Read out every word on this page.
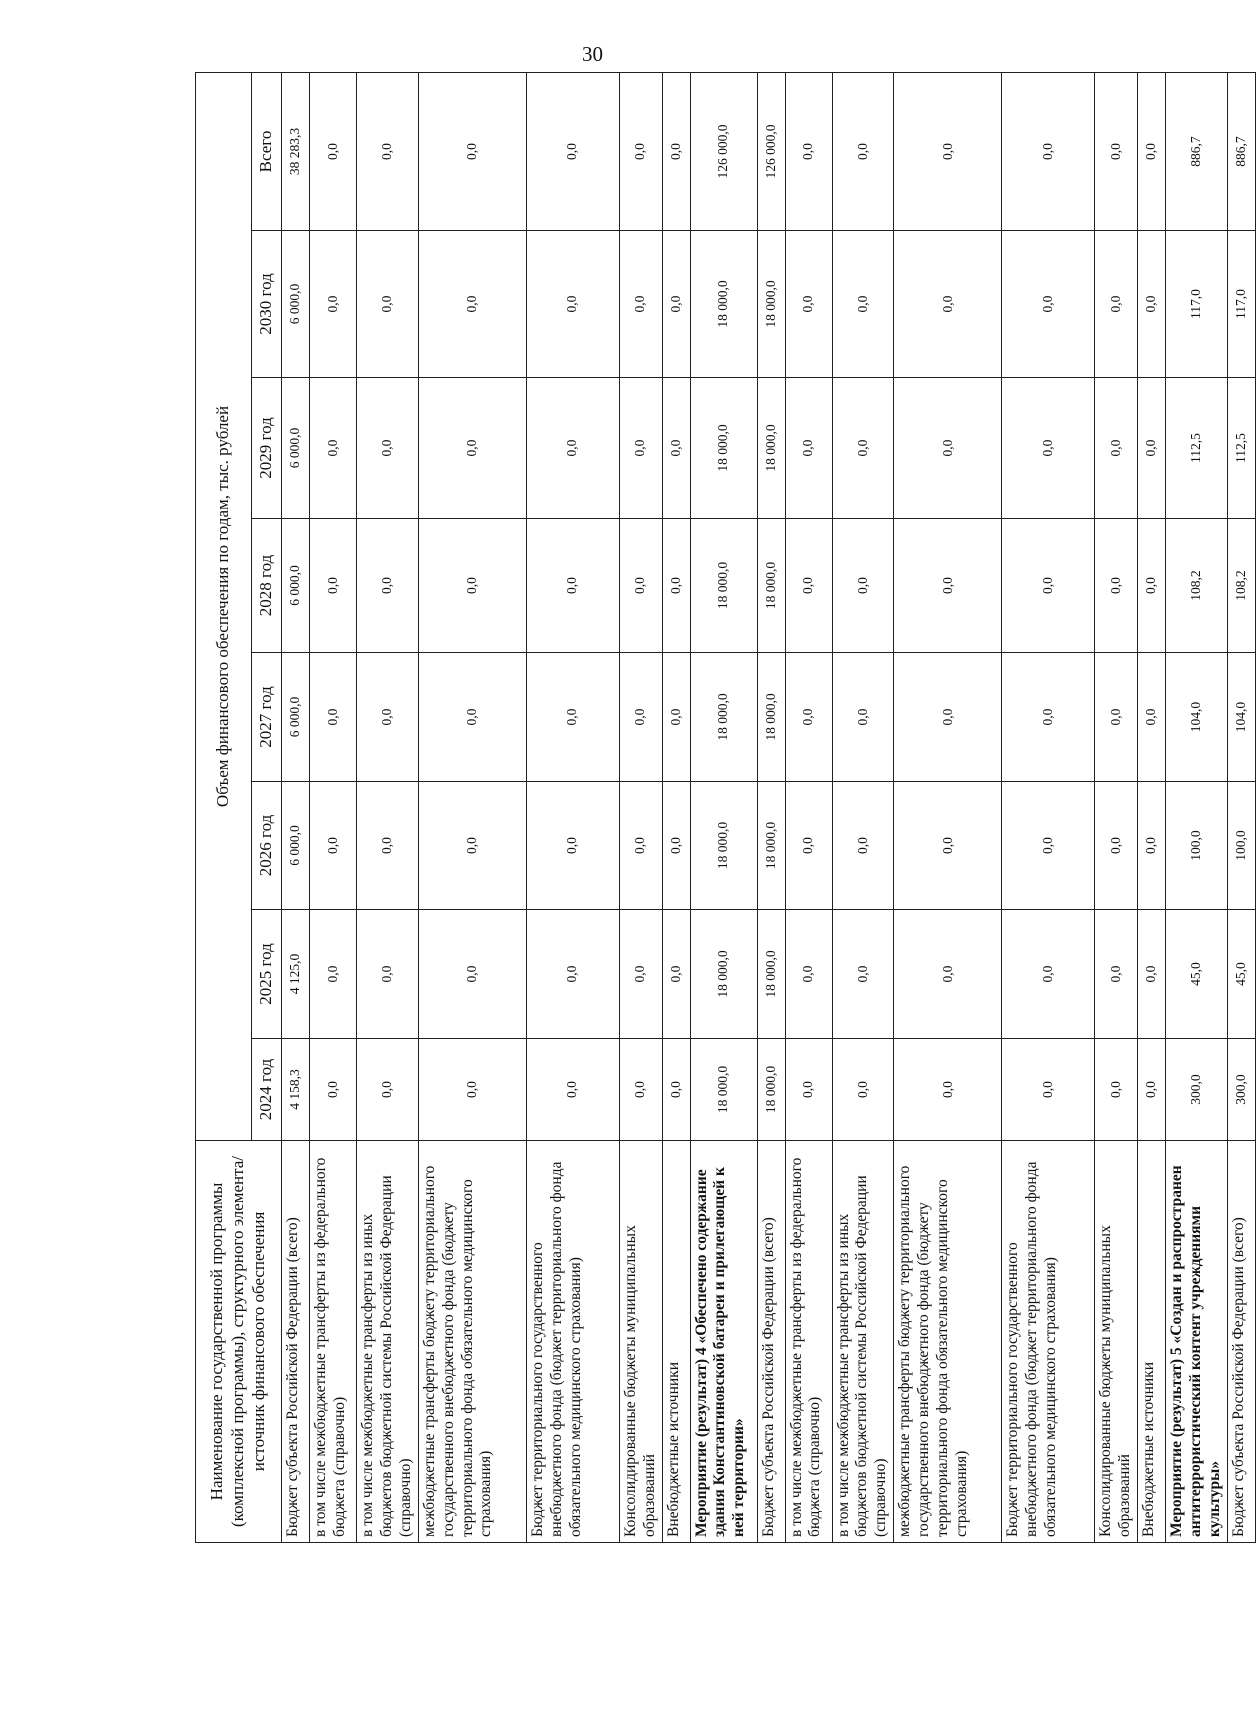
30
Наименование государственной программы (комплексной программы), структурного элемента/источник финансового обеспечения	Объем финансового обеспечения по годам, тыс. рублей							
	2024 год	2025 год	2026 год	2027 год	2028 год	2029 год	2030 год	Всего
Бюджет субъекта Российской Федерации (всего)	4 158,3	4 125,0	6 000,0	6 000,0	6 000,0	6 000,0	6 000,0	38 283,3
в том числе межбюджетные трансферты из федерального бюджета (справочно)	0,0	0,0	0,0	0,0	0,0	0,0	0,0	0,0
в том числе межбюджетные трансферты из иных бюджетов бюджетной системы Российской Федерации (справочно)	0,0	0,0	0,0	0,0	0,0	0,0	0,0	0,0
межбюджетные трансферты бюджету территориального государственного внебюджетного фонда (бюджету территориального фонда обязательного медицинского страхования)	0,0	0,0	0,0	0,0	0,0	0,0	0,0	0,0
Бюджет территориального государственного внебюджетного фонда (бюджет территориального фонда обязательного медицинского страхования)	0,0	0,0	0,0	0,0	0,0	0,0	0,0	0,0
Консолидированные бюджеты муниципальных образований	0,0	0,0	0,0	0,0	0,0	0,0	0,0	0,0
Внебюджетные источники	0,0	0,0	0,0	0,0	0,0	0,0	0,0	0,0
Мероприятие (результат) 4 «Обеспечено содержание здания Константиновской батареи и прилегающей к ней территории»	18 000,0	18 000,0	18 000,0	18 000,0	18 000,0	18 000,0	18 000,0	126 000,0
Бюджет субъекта Российской Федерации (всего)	18 000,0	18 000,0	18 000,0	18 000,0	18 000,0	18 000,0	18 000,0	126 000,0
в том числе межбюджетные трансферты из федерального бюджета (справочно)	0,0	0,0	0,0	0,0	0,0	0,0	0,0	0,0
в том числе межбюджетные трансферты из иных бюджетов бюджетной системы Российской Федерации (справочно)	0,0	0,0	0,0	0,0	0,0	0,0	0,0	0,0
межбюджетные трансферты бюджету территориального государственного внебюджетного фонда (бюджету территориального фонда обязательного медицинского страхования)	0,0	0,0	0,0	0,0	0,0	0,0	0,0	0,0
Бюджет территориального государственного внебюджетного фонда (бюджет территориального фонда обязательного медицинского страхования)	0,0	0,0	0,0	0,0	0,0	0,0	0,0	0,0
Консолидированные бюджеты муниципальных образований	0,0	0,0	0,0	0,0	0,0	0,0	0,0	0,0
Внебюджетные источники	0,0	0,0	0,0	0,0	0,0	0,0	0,0	0,0
Мероприятие (результат) 5 «Создан и распространен антитеррористический контент учреждениями культуры»	300,0	45,0	100,0	104,0	108,2	112,5	117,0	886,7
Бюджет субъекта Российской Федерации (всего)	300,0	45,0	100,0	104,0	108,2	112,5	117,0	886,7
